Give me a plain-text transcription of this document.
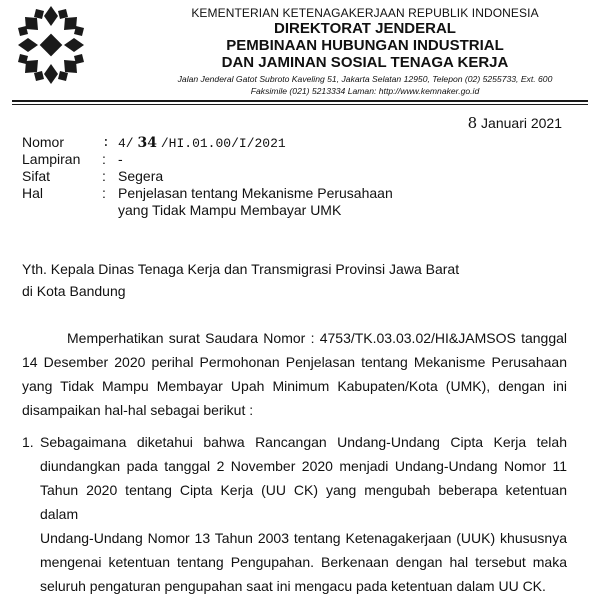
KEMENTERIAN KETENAGAKERJAAN REPUBLIK INDONESIA
DIREKTORAT JENDERAL
PEMBINAAN HUBUNGAN INDUSTRIAL
DAN JAMINAN SOSIAL TENAGA KERJA
Jalan Jenderal Gatot Subroto Kaveling 51, Jakarta Selatan 12950, Telepon (02) 5255733, Ext. 600
Faksimile (021) 5213334 Laman: http://www.kemnaker.go.id
8 Januari 2021
Nomor	: 4/ 34 /HI.01.00/I/2021
Lampiran : -
Sifat	: Segera
Hal	: Penjelasan tentang Mekanisme Perusahaan
yang Tidak Mampu Membayar UMK
Yth. Kepala Dinas Tenaga Kerja dan Transmigrasi Provinsi Jawa Barat
di Kota Bandung
Memperhatikan surat Saudara Nomor : 4753/TK.03.03.02/HI&JAMSOS tanggal
14 Desember 2020 perihal Permohonan Penjelasan tentang Mekanisme Perusahaan
yang Tidak Mampu Membayar Upah Minimum Kabupaten/Kota (UMK), dengan ini
disampaikan hal-hal sebagai berikut :
1. Sebagaimana diketahui bahwa Rancangan Undang-Undang Cipta Kerja telah
diundangkan pada tanggal 2 November 2020 menjadi Undang-Undang Nomor 11
Tahun 2020 tentang Cipta Kerja (UU CK) yang mengubah beberapa ketentuan dalam
Undang-Undang Nomor 13 Tahun 2003 tentang Ketenagakerjaan (UUK) khususnya
mengenai ketentuan tentang Pengupahan. Berkenaan dengan hal tersebut maka
seluruh pengaturan pengupahan saat ini mengacu pada ketentuan dalam UU CK.
